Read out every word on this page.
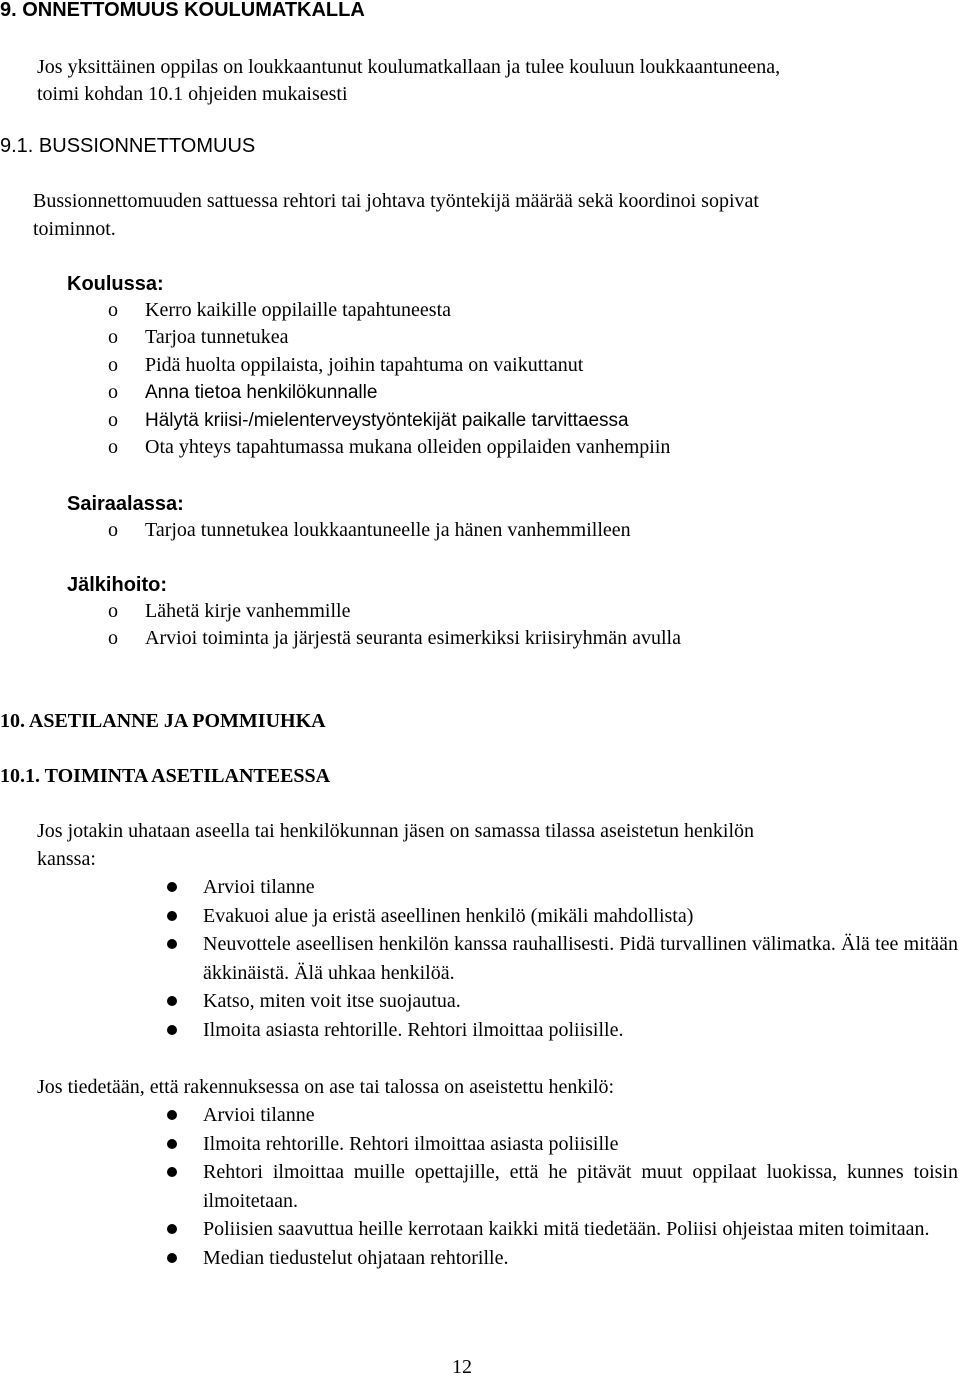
9. ONNETTOMUUS KOULUMATKALLA
Jos yksittäinen oppilas on loukkaantunut koulumatkallaan ja tulee kouluun loukkaantuneena,
toimi kohdan 10.1 ohjeiden mukaisesti
9.1. BUSSIONNETTOMUUS
Bussionnettomuuden sattuessa rehtori tai johtava työntekijä määrää sekä koordinoi sopivat
toiminnot.
Koulussa:
o Kerro kaikille oppilaille tapahtuneesta
o Tarjoa tunnetukea
o Pidä huolta oppilaista, joihin tapahtuma on vaikuttanut
o Anna tietoa henkilökunnalle
o Hälytä kriisi-/mielenterveystyöntekijät paikalle tarvittaessa
o Ota yhteys tapahtumassa mukana olleiden oppilaiden vanhempiin
Sairaalassa:
o Tarjoa tunnetukea loukkaantuneelle ja hänen vanhemmilleen
Jälkihoito:
o Lähetä kirje vanhemmille
o Arvioi toiminta ja järjestä seuranta esimerkiksi kriisiryhmän avulla
10. ASETILANNE JA POMMIUHKA
10.1. TOIMINTA ASETILANTEESSA
Jos jotakin uhataan aseella tai henkilökunnan jäsen on samassa tilassa aseistetun henkilön
kanssa:
Arvioi tilanne
Evakuoi alue ja eristä aseellinen henkilö (mikäli mahdollista)
Neuvottele aseellisen henkilön kanssa rauhallisesti. Pidä turvallinen välimatka. Älä tee mitään äkkinäistä. Älä uhkaa henkilöä.
Katso, miten voit itse suojautua.
Ilmoita asiasta rehtorille. Rehtori ilmoittaa poliisille.
Jos tiedetään, että rakennuksessa on ase tai talossa on aseistettu henkilö:
Arvioi tilanne
Ilmoita rehtorille. Rehtori ilmoittaa asiasta poliisille
Rehtori ilmoittaa muille opettajille, että he pitävät muut oppilaat luokissa, kunnes toisin ilmoitetaan.
Poliisien saavuttua heille kerrotaan kaikki mitä tiedetään. Poliisi ohjeistaa miten toimitaan.
Median tiedustelut ohjataan rehtorille.
12
